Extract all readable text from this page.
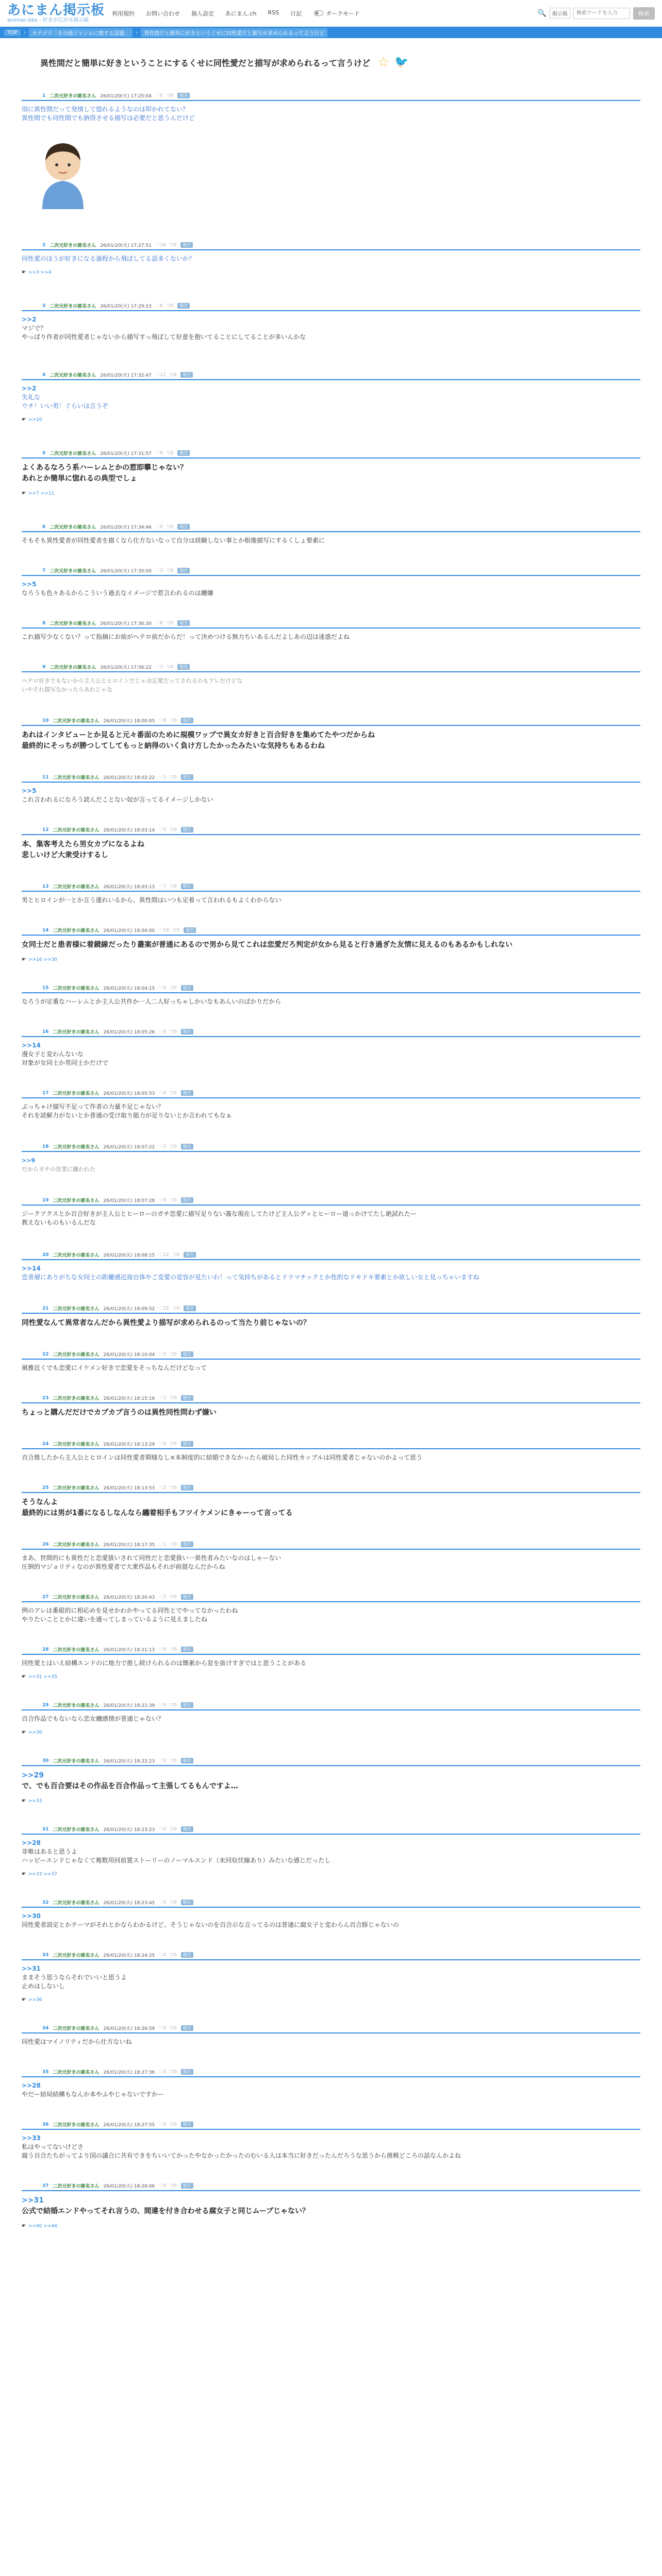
あにまん掲示板
animan.bbs - 好きが広がる掲示板
利用規約 お問い合わせ 個人設定 あにまん.ch RSS 日記	ダークモード	🔍	掲示板
検索ワードを入力	検索
TOP	›	カテゴリ「その他ジャンルに関する話題」	›	異性間だと簡単に好きというくせに同性愛だと描写が求められるって言うけど
異性間だと簡単に好きということにするくせに同性愛だと描写が求められるって言うけど ☆ 🐦
1 二次元好きの匿名さん 26/01/20(火) 17:25:04 ♡0 ▽0	報告
別に異性間だって発情して惚れるようなのは叩かれてない？
異性間でも同性間でも納得させる描写は必要だと思うんだけど
2 二次元好きの匿名さん 26/01/20(火) 17:27:51 ♡16 ▽0	報告
同性愛のほうが好きになる過程から飛ばしてる話多くないか？
☛ >>3 >>4
3 二次元好きの匿名さん 26/01/20(火) 17:29:23 ♡8 ▽0	報告
>>2
マジで？
やっぱり作者が同性愛者じゃないから描写すっ飛ばして好意を抱いてることにしてることが多いんかな
4 二次元好きの匿名さん 26/01/20(火) 17:32:47 ♡12 ▽0	報告
>>2
失礼な
ウチ！いい男！ぐらいは言うぞ
☛ >>10
5 二次元好きの匿名さん 26/01/20(火) 17:31:57 ♡9 ▽0	報告
よくあるなろう系ハーレムとかの惹即攀じゃない？
あれとか簡単に惚れるの典型でしょ
☛ >>7 >>11
6 二次元好きの匿名さん 26/01/20(火) 17:34:46 ♡0 ▽0	報告
そもそも異性愛者が同性愛者を描くなら仕方ないなって自分は経験しない事とか根像描写にするくしょ要素に
7 二次元好きの匿名さん 26/01/20(火) 17:35:00 ♡3 ▽0	報告
>>5
なろうも色々あるからこういう過去なイメージで惹言われるのは纏嫌
8 二次元好きの匿名さん 26/01/20(火) 17:36:30 ♡6 ▽0	報告
これ描写少なくない？って指摘にお前がヘテロ前だからだ！って決めつける無力ちいあるんだよしあの辺は迷惑だよね
9 二次元好きの匿名さん 26/01/20(火) 17:56:22 ♡3 ▽0	報告
ヘテロ好きでもないから主人公とヒロインだじゃ余忘愛だってされるのもアレだけどな
いやそれ描写なかったらあれじゃな
10 二次元好きの匿名さん 26/01/20(火) 18:00:05 ♡8 ▽0	報告
あれはインタビューとか見ると元々番面のために規模ワップで異女カ好きと百合好きを集めてたやつだからね
最終的にそっちが勝つしてしてもっと納得のいく負け方したかったみたいな気持ちもあるわね
11 二次元好きの匿名さん 26/01/20(火) 18:02:22 ♡1 ▽0	報告
>>5
これ言われるになろう読んだことない奴が言ってるイメージしかない
12 二次元好きの匿名さん 26/01/20(火) 18:03:14 ♡5 ▽0	報告
本、集客考えたら男女カプになるよね
悲しいけど大衆受けするし
13 二次元好きの匿名さん 26/01/20(火) 18:03:13 ♡7 ▽0	報告
男とヒロインが一とか言う運れいるから、異性間はいつも定着って言われるもよくわからない
14 二次元好きの匿名さん 26/01/20(火) 18:04:00 ♡18 ▽0	報告
女同士だと患者様に着鏡線だったり叢案が普通にあるので男から見てこれは恋愛だろ判定が女から見ると行き過ぎた友情に見えるのもあるかもしれない
☛ >>16 >>30
15 二次元好きの匿名さん 26/01/20(火) 18:04:15 ♡0 ▽0	報告
なろうが定番なハーレムとか主人公共作か一人二人好っちゃしかいなもあんいのばかりだから
16 二次元好きの匿名さん 26/01/20(火) 18:05:26 ♡6 ▽0	報告
>>14
漫女子と変わんないな
対象が女同士か男同士かだけで
17 二次元好きの匿名さん 26/01/20(火) 18:05:53 ♡4 ▽0	報告
ぶっちゃけ描写不足って作者の力量不足じゃない？
それを読解力がないとか普通の受け取り能力が足りないとか言われてもなぁ
18 二次元好きの匿名さん 26/01/20(火) 18:07:22 ♡2 ▽0	報告
>>9
だからガチの営業に纏われた
19 二次元好きの匿名さん 26/01/20(火) 18:07:28 ♡0 ▽0	報告
ジークアクスとか百合好きが主人公とヒーローのガチ恋愛に描写足りない義な現在してたけど主人公グッとヒーロー道っかけてたし絶試れたー
教えないものもいるんだな
20 二次元好きの匿名さん 26/01/20(火) 18:08:15 ♡12 ▽0	報告
>>14
恋者層にありがちな女同士の距離感近接自体やご変愛の変容が見たいわ！って気持ちがあるとドラマチックとか性的なドキドキ要素とか欲しい女と見っちゃいますね
21 二次元好きの匿名さん 26/01/20(火) 18:09:52 ♡22 ▽0	報告
同性愛なんて異常者なんだから異性愛より描写が求められるのって当たり前じゃないの？
22 二次元好きの匿名さん 26/01/20(火) 18:10:04 ♡0 ▽0	報告
風雅近くでも恋愛にイケメン好きで恋愛をそっちなんだけどなって
23 二次元好きの匿名さん 26/01/20(火) 18:15:16 ♡1 ▽0	報告
ちょっと購んだだけでカプカプ言うのは異性同性問わず嫌い
24 二次元好きの匿名さん 26/01/20(火) 18:13:29 ♡0 ▽0	報告
百合推したから主人公とヒロインは同性愛者期様なし×本制度的に結婚できなかったら破局した同性カップルは同性愛者じゃないのかよって思う
25 二次元好きの匿名さん 26/01/20(火) 18:13:53 ♡2 ▽0	報告
そうなんよ
最終的には男が1番になるしなんなら纏着相手もフツイケメンにきゃーって言ってる
26 二次元好きの匿名さん 26/01/20(火) 18:17:35 ♡1 ▽0	報告
まあ、世間的にも異性だと恋愛扱いされて同性だと恋愛扱い一異性者みたいなのはしゃーない
圧倒的マジョリティなのが異性愛者で大衆作品もそれが前提なんだからね
27 二次元好きの匿名さん 26/01/20(火) 18:20:43 ♡3 ▽0	報告
例のアレは番組的に相応めを見せかわかやってる同性とでやってなかったわね
やりたいこととかに違いを通ってしまっているように見えましたね
28 二次元好きの匿名さん 26/01/20(火) 18:21:13 ♡0 ▽0	報告
同性愛とはいえ結構エンドのに地力で推し続けられるのは簡素から窓を抜けすぎではと思うことがある
☛ >>31 >>35
29 二次元好きの匿名さん 26/01/20(火) 18:21:39 ♡0 ▽0	報告
百合作品でもないなら恋女纏感情が普通じゃない？
☛ >>30
30 二次元好きの匿名さん 26/01/20(火) 18:22:23 ♡0 ▽0	報告
>>29
で、でも百合要はその作品を百合作品って主張してるもんですよ…
☛ >>33
31 二次元好きの匿名さん 26/01/20(火) 18:23:23 ♡0 ▽0	報告
>>28
非唯はあると思うよ
ハッピーエンドじゃなくて複数用回前置ストーリーのノーマルエンド（未回収伏線あり）みたいな感じだったし
☛ >>33 >>37
32 二次元好きの匿名さん 26/01/20(火) 18:23:45 ♡0 ▽0	報告
>>30
同性愛者設定とかテーマがそれとかならわかるけど、そうじゃないのを百合示な言ってるのは普通に腐女子と変わらん百合豚じゃないの
33 二次元好きの匿名さん 26/01/20(火) 18:24:25 ♡0 ▽0	報告
>>31
ままそう思うならそれでいいと思うよ
止めはしないし
☛ >>36
34 二次元好きの匿名さん 26/01/20(火) 18:26:59 ♡0 ▽0	報告
同性愛はマイノリティだから仕方ないね
35 二次元好きの匿名さん 26/01/20(火) 18:27:36 ♡0 ▽0	報告
>>28
やだー結局結構もなんか本やふやじゃないですかー
36 二次元好きの匿名さん 26/01/20(火) 18:27:55 ♡0 ▽0	報告
>>33
私はやってないけどさ
腐う百合たちがってより国の議合に共有できをちいいてかったやなかったかったのむいる人は本当に好きだったんだろうな思うから挑戦どころの話なんかよね
37 二次元好きの匿名さん 26/01/20(火) 18:28:06 ♡0 ▽0	報告
>>31
公式で結婚エンドやってそれ言うの、間違を付き合わせる腐女子と同じムーブじゃない？
☛ >>40 >>44
